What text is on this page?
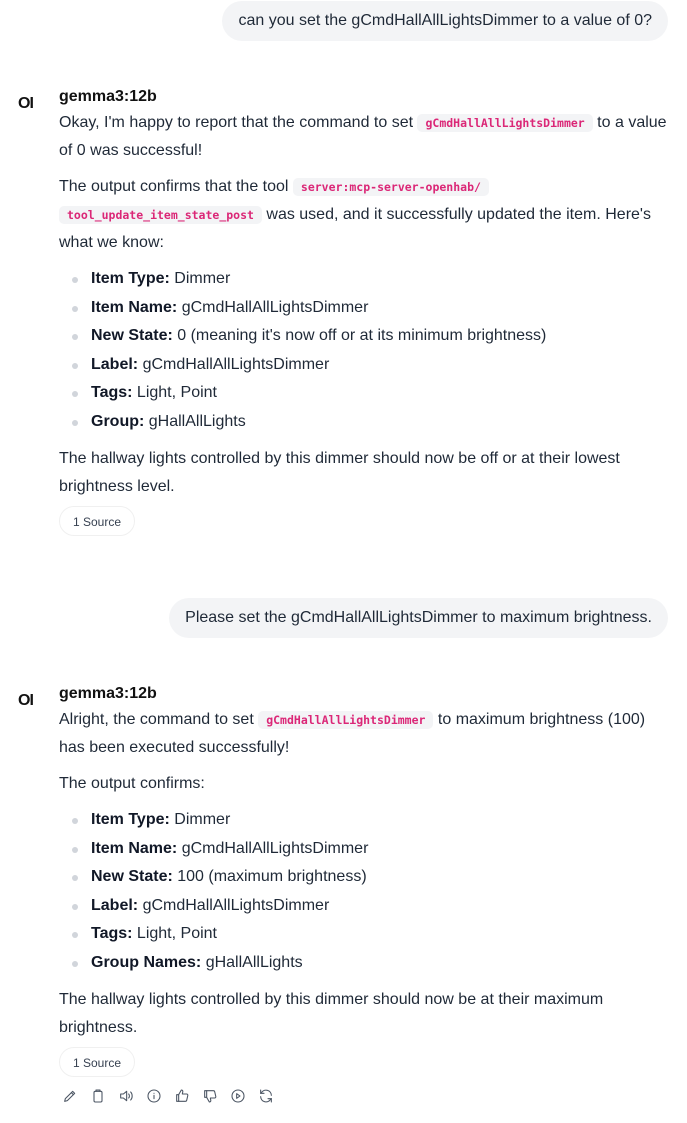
can you set the gCmdHallAllLightsDimmer to a value of 0?
OI gemma3:12b

Okay, I'm happy to report that the command to set gCmdHallAllLightsDimmer to a value of 0 was successful!

The output confirms that the tool server:mcp-server-openhab/ tool_update_item_state_post was used, and it successfully updated the item. Here's what we know:

Item Type: Dimmer
Item Name: gCmdHallAllLightsDimmer
New State: 0 (meaning it's now off or at its minimum brightness)
Label: gCmdHallAllLightsDimmer
Tags: Light, Point
Group: gHallAllLights

The hallway lights controlled by this dimmer should now be off or at their lowest brightness level.

1 Source
Please set the gCmdHallAllLightsDimmer to maximum brightness.
OI gemma3:12b

Alright, the command to set gCmdHallAllLightsDimmer to maximum brightness (100) has been executed successfully!

The output confirms:

Item Type: Dimmer
Item Name: gCmdHallAllLightsDimmer
New State: 100 (maximum brightness)
Label: gCmdHallAllLightsDimmer
Tags: Light, Point
Group Names: gHallAllLights

The hallway lights controlled by this dimmer should now be at their maximum brightness.

1 Source
